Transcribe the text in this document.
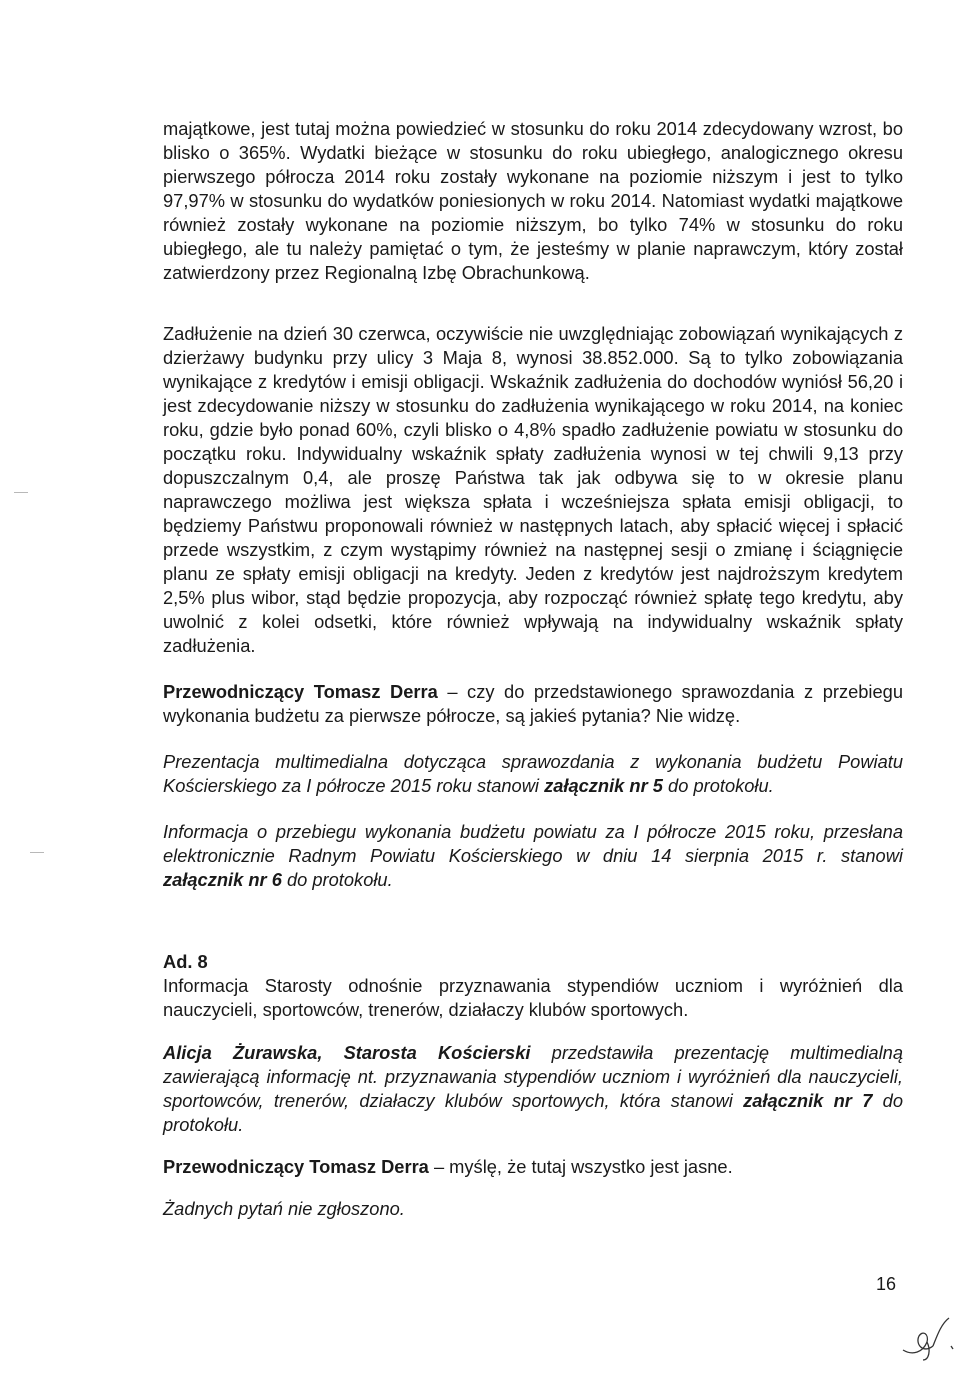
majątkowe, jest tutaj można powiedzieć w stosunku do roku 2014 zdecydowany wzrost, bo blisko o 365%. Wydatki bieżące w stosunku do roku ubiegłego, analogicznego okresu pierwszego półrocza 2014 roku zostały wykonane na poziomie niższym i jest to tylko 97,97% w stosunku do wydatków poniesionych w roku 2014. Natomiast wydatki majątkowe również zostały wykonane na poziomie niższym, bo tylko 74% w stosunku do roku ubiegłego, ale tu należy pamiętać o tym, że jesteśmy w planie naprawczym, który został zatwierdzony przez Regionalną Izbę Obrachunkową.

Zadłużenie na dzień 30 czerwca, oczywiście nie uwzględniając zobowiązań wynikających z dzierżawy budynku przy ulicy 3 Maja 8, wynosi 38.852.000. Są to tylko zobowiązania wynikające z kredytów i emisji obligacji. Wskaźnik zadłużenia do dochodów wyniósł 56,20 i jest zdecydowanie niższy w stosunku do zadłużenia wynikającego w roku 2014, na koniec roku, gdzie było ponad 60%, czyli blisko o 4,8% spadło zadłużenie powiatu w stosunku do początku roku. Indywidualny wskaźnik spłaty zadłużenia wynosi w tej chwili 9,13 przy dopuszczalnym 0,4, ale proszę Państwa tak jak odbywa się to w okresie planu naprawczego możliwa jest większa spłata i wcześniejsza spłata emisji obligacji, to będziemy Państwu proponowali również w następnych latach, aby spłacić więcej i spłacić przede wszystkim, z czym wystąpimy również na następnej sesji o zmianę i ściągnięcie planu ze spłaty emisji obligacji na kredyty. Jeden z kredytów jest najdroższym kredytem 2,5% plus wibor, stąd będzie propozycja, aby rozpocząć również spłatę tego kredytu, aby uwolnić z kolei odsetki, które również wpływają na indywidualny wskaźnik spłaty zadłużenia.

Przewodniczący Tomasz Derra – czy do przedstawionego sprawozdania z przebiegu wykonania budżetu za pierwsze półrocze, są jakieś pytania? Nie widzę.

Prezentacja multimedialna dotycząca sprawozdania z wykonania budżetu Powiatu Kościerskiego za I półrocze 2015 roku stanowi załącznik nr 5 do protokołu.

Informacja o przebiegu wykonania budżetu powiatu za I półrocze 2015 roku, przesłana elektronicznie Radnym Powiatu Kościerskiego w dniu 14 sierpnia 2015 r. stanowi załącznik nr 6 do protokołu.

Ad. 8
Informacja Starosty odnośnie przyznawania stypendiów uczniom i wyróżnień dla nauczycieli, sportowców, trenerów, działaczy klubów sportowych.

Alicja Żurawska, Starosta Kościerski przedstawiła prezentację multimedialną zawierającą informację nt. przyznawania stypendiów uczniom i wyróżnień dla nauczycieli, sportowców, trenerów, działaczy klubów sportowych, która stanowi załącznik nr 7 do protokołu.

Przewodniczący Tomasz Derra – myślę, że tutaj wszystko jest jasne.

Żadnych pytań nie zgłoszono.

16
